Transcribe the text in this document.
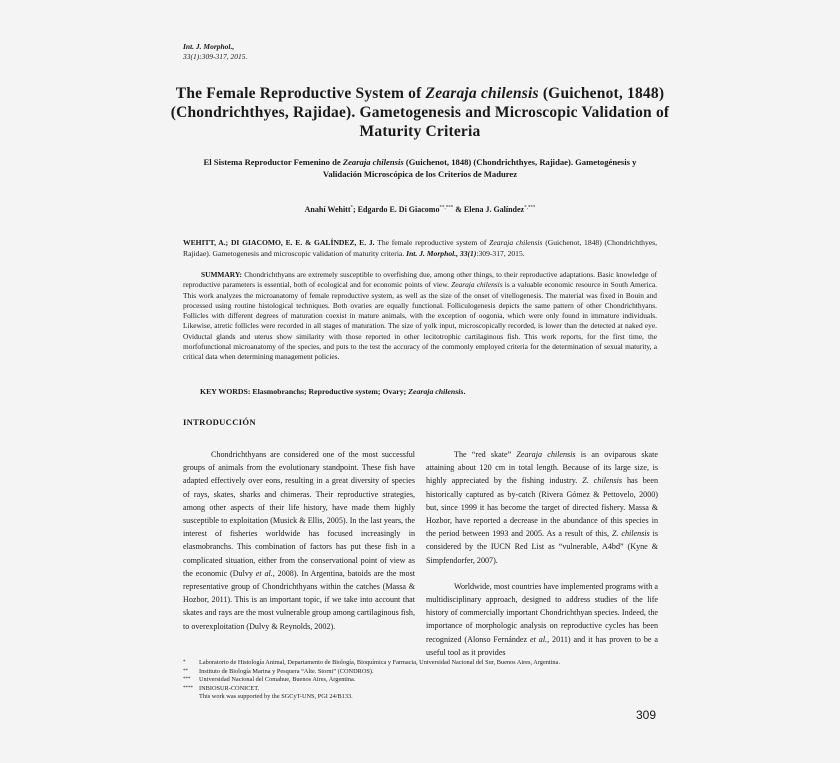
Int. J. Morphol.,
33(1):309-317, 2015.
The Female Reproductive System of Zearaja chilensis (Guichenot, 1848) (Chondrichthyes, Rajidae). Gametogenesis and Microscopic Validation of Maturity Criteria
El Sistema Reproductor Femenino de Zearaja chilensis (Guichenot, 1848) (Chondrichthyes, Rajidae). Gametogénesis y Validación Microscópica de los Criterios de Madurez
Anahí Wehitt*; Edgardo E. Di Giacomo**,*** & Elena J. Galíndez*,***
WEHITT, A.; DI GIACOMO, E. E. & GALÍNDEZ, E. J. The female reproductive system of Zearaja chilensis (Guichenot, 1848) (Chondrichthyes, Rajidae). Gametogenesis and microscopic validation of maturity criteria. Int. J. Morphol., 33(1):309-317, 2015.
SUMMARY: Chondrichthyans are extremely susceptible to overfishing due, among other things, to their reproductive adaptations. Basic knowledge of reproductive parameters is essential, both of ecological and for economic points of view. Zearaja chilensis is a valuable economic resource in South America. This work analyzes the microanatomy of female reproductive system, as well as the size of the onset of vitellogenesis. The material was fixed in Bouin and processed using routine histological techniques. Both ovaries are equally functional. Folliculogenesis depicts the same pattern of other Chondrichthyans. Follicles with different degrees of maturation coexist in mature animals, with the exception of oogonia, which were only found in immature individuals. Likewise, atretic follicles were recorded in all stages of maturation. The size of yolk input, microscopically recorded, is lower than the detected at naked eye. Oviductal glands and uterus show similarity with those reported in other lecitotrophic cartilaginous fish. This work reports, for the first time, the morfofunctional microanatomy of the species, and puts to the test the accuracy of the commonly employed criteria for the determination of sexual maturity, a critical data when determining management policies.
KEY WORDS: Elasmobranchs; Reproductive system; Ovary; Zearaja chilensis.
INTRODUCCIÓN

Chondrichthyans are considered one of the most successful groups of animals from the evolutionary standpoint. These fish have adapted effectively over eons, resulting in a great diversity of species of rays, skates, sharks and chimeras. Their reproductive strategies, among other aspects of their life history, have made them highly susceptible to exploitation (Musick & Ellis, 2005). In the last years, the interest of fisheries worldwide has focused increasingly in elasmobranchs. This combination of factors has put these fish in a complicated situation, either from the conservational point of view as the economic (Dulvy et al., 2008). In Argentina, batoids are the most representative group of Chondrichthyans within the catches (Massa & Hozbor, 2011). This is an important topic, if we take into account that skates and rays are the most vulnerable group among cartilaginous fish, to overexploitation (Dulvy & Reynolds, 2002).

The “red skate” Zearaja chilensis is an oviparous skate attaining about 120 cm in total length. Because of its large size, is highly appreciated by the fishing industry. Z. chilensis has been historically captured as by-catch (Rivera Gómez & Pettovelo, 2000) but, since 1999 it has become the target of directed fishery. Massa & Hozbor, have reported a decrease in the abundance of this species in the period between 1993 and 2005. As a result of this, Z. chilensis is considered by the IUCN Red List as “vulnerable, A4bd” (Kyne & Simpfendorfer, 2007).

Worldwide, most countries have implemented programs with a multidisciplinary approach, designed to address studies of the life history of commercially important Chondrichthyan species. Indeed, the importance of morphologic analysis on reproductive cycles has been recognized (Alonso Fernández et al., 2011) and it has proven to be a useful tool as it provides

*	Laboratorio de Histología Animal, Departamento de Biología, Bioquímica y Farmacia, Universidad Nacional del Sur, Buenos Aires, Argentina.
**	Instituto de Biología Marina y Pesquera “Alte. Storni” (CONDROS).
***	Universidad Nacional del Comahue, Buenos Aires, Argentina.
**** INBIOSUR-CONICET.
This work was supported by the SGCyT-UNS, PGI 24/B133.
309
